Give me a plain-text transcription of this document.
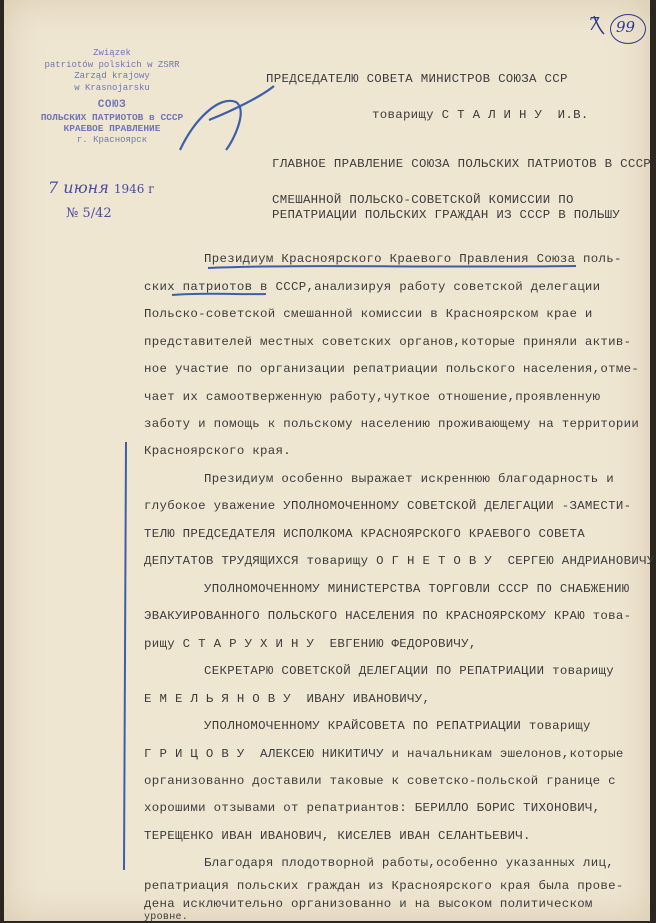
7 99
Związek
patriotów polskich w ZSRR
Zarząd krajowy
w Krasnojarsku
СОЮЗ
ПОЛЬСКИХ ПАТРИОТОВ в СССР
КРАЕВОЕ ПРАВЛЕНИЕ
г. Красноярск
7 июня 1946 г
№ 5/42
ПРЕДСЕДАТЕЛЮ СОВЕТА МИНИСТРОВ СОЮЗА ССР
товарищу С Т А Л И Н У  И.В.
ГЛАВНОЕ ПРАВЛЕНИЕ СОЮЗА ПОЛЬСКИХ ПАТРИОТОВ В СССР
СМЕШАННОЙ ПОЛЬСКО-СОВЕТСКОЙ КОМИССИИ ПО
РЕПАТРИАЦИИ ПОЛЬСКИХ ГРАЖДАН ИЗ СССР В ПОЛЬШУ
Президиум Красноярского Краевого Правления Союза поль-
ских патриотов в СССР,анализируя работу советской делегации
Польско-советской смешанной комиссии в Красноярском крае и
представителей местных советских органов,которые приняли актив-
ное участие по организации репатриации польского населения,отме-
чает их самоотверженную работу,чуткое отношение,проявленную
заботу и помощь к польскому населению проживающему на территории
Красноярского края.
Президиум особенно выражает искреннюю благодарность и
глубокое уважение УПОЛНОМОЧЕННОМУ СОВЕТСКОЙ ДЕЛЕГАЦИИ -ЗАМЕСТИ-
ТЕЛЮ ПРЕДСЕДАТЕЛЯ ИСПОЛКОМА КРАСНОЯРСКОГО КРАЕВОГО СОВЕТА
ДЕПУТАТОВ ТРУДЯЩИХСЯ товарищу О Г Н Е Т О В У  СЕРГЕЮ АНДРИАНОВИЧУ
УПОЛНОМОЧЕННОМУ МИНИСТЕРСТВА ТОРГОВЛИ СССР ПО СНАБЖЕНИЮ
ЭВАКУИРОВАННОГО ПОЛЬСКОГО НАСЕЛЕНИЯ ПО КРАСНОЯРСКОМУ КРАЮ това-
рищу С Т А Р У Х И Н У  ЕВГЕНИЮ ФЕДОРОВИЧУ,
СЕКРЕТАРЮ СОВЕТСКОЙ ДЕЛЕГАЦИИ ПО РЕПАТРИАЦИИ товарищу
Е М Е Л Ь Я Н О В У  ИВАНУ ИВАНОВИЧУ,
УПОЛНОМОЧЕННОМУ КРАЙСОВЕТА ПО РЕПАТРИАЦИИ товарищу
Г Р И Ц О В У  АЛЕКСЕЮ НИКИТИЧУ и начальникам эшелонов,которые
организованно доставили таковые к советско-польской границе с
хорошими отзывами от репатриантов: БЕРИЛЛО БОРИС ТИХОНОВИЧ,
ТЕРЕЩЕНКО ИВАН ИВАНОВИЧ, КИСЕЛЕВ ИВАН СЕЛАНТЬЕВИЧ.
Благодаря плодотворной работы,особенно указанных лиц,
репатриация польских граждан из Красноярского края была прове-
дена исключительно организованно и на высоком политическом
уровне.
